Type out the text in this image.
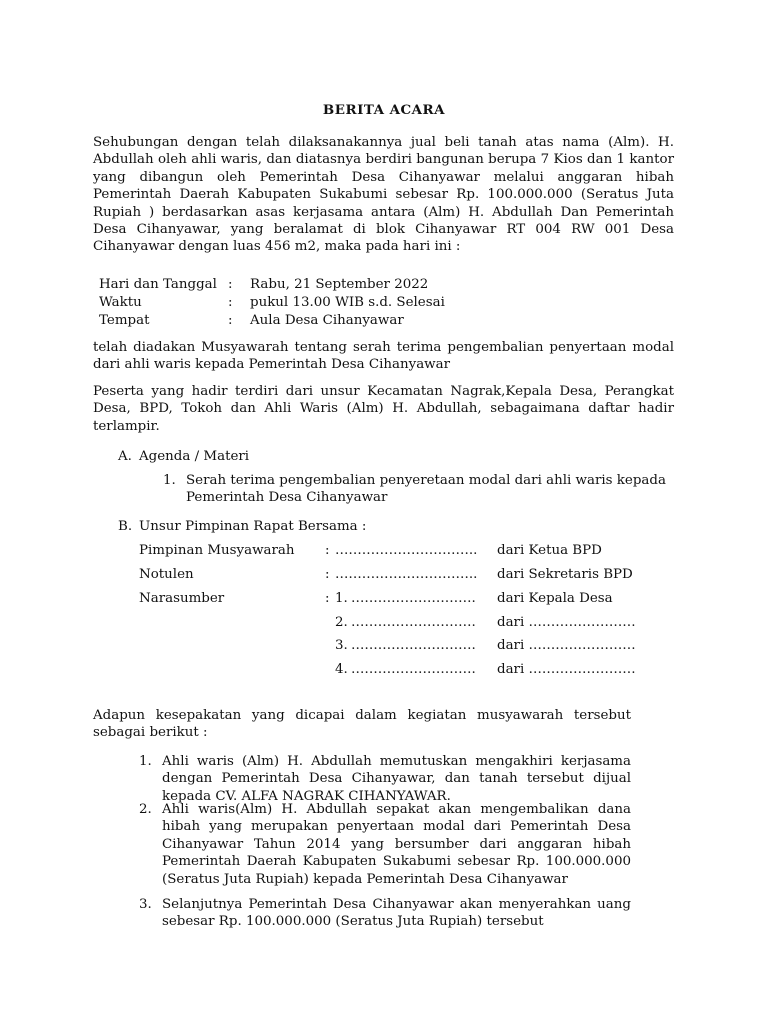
BERITA ACARA
Sehubungan dengan telah dilaksanakannya jual beli tanah atas nama (Alm). H. Abdullah oleh ahli waris, dan diatasnya berdiri bangunan berupa 7 Kios dan 1 kantor yang dibangun oleh Pemerintah Desa Cihanyawar melalui anggaran hibah Pemerintah Daerah Kabupaten Sukabumi sebesar Rp. 100.000.000 (Seratus Juta Rupiah ) berdasarkan asas kerjasama antara (Alm) H. Abdullah Dan Pemerintah Desa Cihanyawar, yang beralamat di blok Cihanyawar RT 004 RW 001 Desa Cihanyawar dengan luas 456 m2, maka pada hari ini :
Hari dan Tanggal : Rabu, 21 September 2022
Waktu	: pukul 13.00 WIB s.d. Selesai
Tempat	: Aula Desa Cihanyawar
telah diadakan Musyawarah tentang serah terima pengembalian penyertaan modal dari ahli waris kepada Pemerintah Desa Cihanyawar
Peserta yang hadir terdiri dari unsur Kecamatan Nagrak,Kepala Desa, Perangkat Desa, BPD, Tokoh dan Ahli Waris (Alm) H. Abdullah, sebagaimana daftar hadir terlampir.
A. Agenda / Materi
1. Serah terima pengembalian penyeretaan modal dari ahli waris kepada Pemerintah Desa Cihanyawar
B. Unsur Pimpinan Rapat Bersama :
Pimpinan Musyawarah : ………………………….. dari Ketua BPD
Notulen	: ………………………….. dari Sekretaris BPD
Narasumber	: 1. ………………………. dari Kepala Desa
2. ………………………. dari ……………………
3. ………………………. dari ……………………
4. ………………………. dari ……………………
Adapun kesepakatan yang dicapai dalam kegiatan musyawarah tersebut sebagai berikut :
1. Ahli waris (Alm) H. Abdullah memutuskan mengakhiri kerjasama dengan Pemerintah Desa Cihanyawar, dan tanah tersebut dijual kepada CV. ALFA NAGRAK CIHANYAWAR.
2. Ahli waris(Alm) H. Abdullah sepakat akan mengembalikan dana hibah yang merupakan penyertaan modal dari Pemerintah Desa Cihanyawar Tahun 2014 yang bersumber dari anggaran hibah Pemerintah Daerah Kabupaten Sukabumi sebesar Rp. 100.000.000 (Seratus Juta Rupiah) kepada Pemerintah Desa Cihanyawar
3. Selanjutnya Pemerintah Desa Cihanyawar akan menyerahkan uang sebesar Rp. 100.000.000 (Seratus Juta Rupiah) tersebut
